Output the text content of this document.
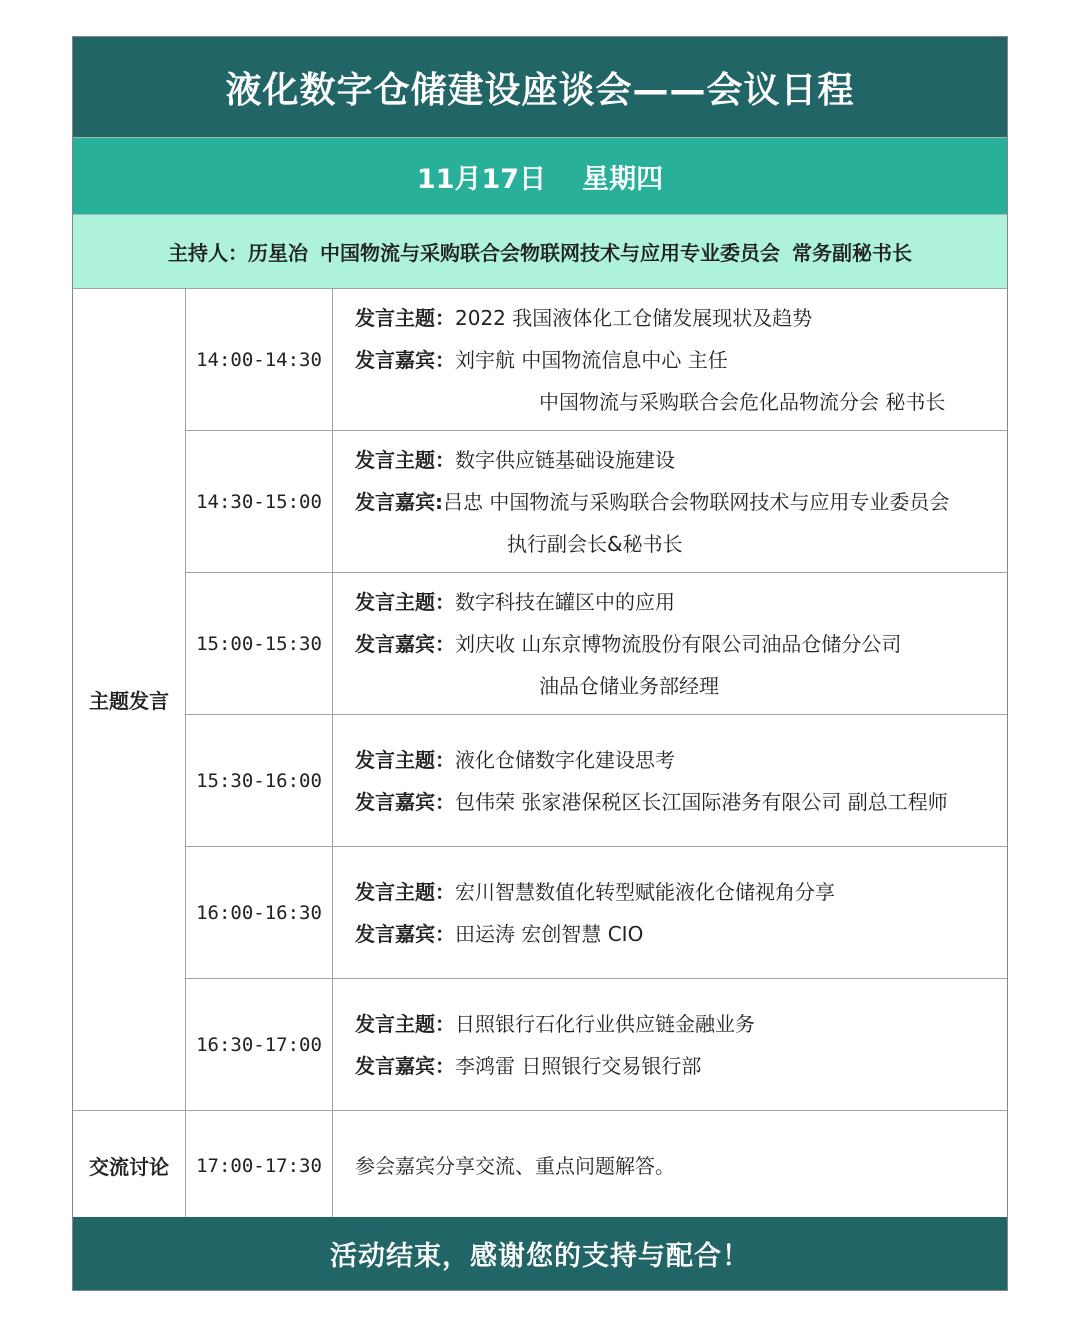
液化数字仓储建设座谈会——会议日程
11月17日 星期四
主持人： 历星冶 中国物流与采购联合会物联网技术与应用专业委员会 常务副秘书长
主题发言
14:00-14:30
发言主题：2022 我国液体化工仓储发展现状及趋势
发言嘉宾：刘宇航 中国物流信息中心 主任
中国物流与采购联合会危化品物流分会 秘书长
14:30-15:00
发言主题：数字供应链基础设施建设
发言嘉宾:吕忠 中国物流与采购联合会物联网技术与应用专业委员会
执行副会长&秘书长
15:00-15:30
发言主题：数字科技在罐区中的应用
发言嘉宾：刘庆收 山东京博物流股份有限公司油品仓储分公司
油品仓储业务部经理
15:30-16:00
发言主题：液化仓储数字化建设思考
发言嘉宾：包伟荣 张家港保税区长江国际港务有限公司 副总工程师
16:00-16:30
发言主题：宏川智慧数值化转型赋能液化仓储视角分享
发言嘉宾：田运涛 宏创智慧 CIO
16:30-17:00
发言主题：日照银行石化行业供应链金融业务
发言嘉宾：李鸿雷 日照银行交易银行部
交流讨论	17:00-17:30	参会嘉宾分享交流、重点问题解答。
活动结束，感谢您的支持与配合！
